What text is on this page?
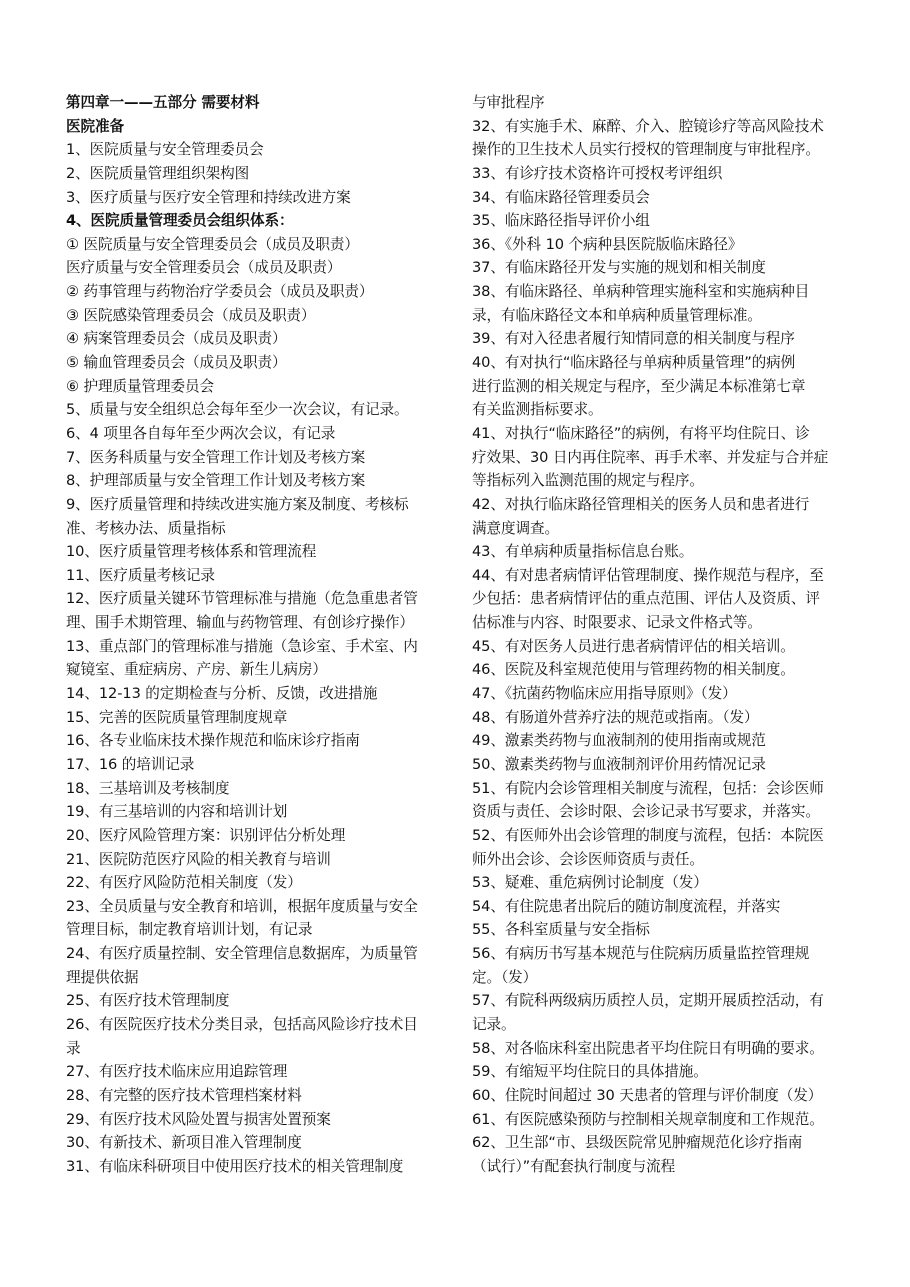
第四章一——五部分 需要材料
医院准备
1、医院质量与安全管理委员会
2、医院质量管理组织架构图
3、医疗质量与医疗安全管理和持续改进方案
4、医院质量管理委员会组织体系：
① 医院质量与安全管理委员会（成员及职责）
医疗质量与安全管理委员会（成员及职责）
② 药事管理与药物治疗学委员会（成员及职责）
③ 医院感染管理委员会（成员及职责）
④ 病案管理委员会（成员及职责）
⑤ 输血管理委员会（成员及职责）
⑥ 护理质量管理委员会
5、质量与安全组织总会每年至少一次会议，有记录。
6、4 项里各自每年至少两次会议，有记录
7、医务科质量与安全管理工作计划及考核方案
8、护理部质量与安全管理工作计划及考核方案
9、医疗质量管理和持续改进实施方案及制度、考核标
准、考核办法、质量指标
10、医疗质量管理考核体系和管理流程
11、医疗质量考核记录
12、医疗质量关键环节管理标准与措施（危急重患者管
理、围手术期管理、输血与药物管理、有创诊疗操作）
13、重点部门的管理标准与措施（急诊室、手术室、内
窥镜室、重症病房、产房、新生儿病房）
14、12-13 的定期检查与分析、反馈，改进措施
15、完善的医院质量管理制度规章
16、各专业临床技术操作规范和临床诊疗指南
17、16 的培训记录
18、三基培训及考核制度
19、有三基培训的内容和培训计划
20、医疗风险管理方案：识别评估分析处理
21、医院防范医疗风险的相关教育与培训
22、有医疗风险防范相关制度（发）
23、全员质量与安全教育和培训，根据年度质量与安全
管理目标，制定教育培训计划，有记录
24、有医疗质量控制、安全管理信息数据库，为质量管
理提供依据
25、有医疗技术管理制度
26、有医院医疗技术分类目录，包括高风险诊疗技术目
录
27、有医疗技术临床应用追踪管理
28、有完整的医疗技术管理档案材料
29、有医疗技术风险处置与损害处置预案
30、有新技术、新项目准入管理制度
31、有临床科研项目中使用医疗技术的相关管理制度
与审批程序
32、有实施手术、麻醉、介入、腔镜诊疗等高风险技术
操作的卫生技术人员实行授权的管理制度与审批程序。
33、有诊疗技术资格许可授权考评组织
34、有临床路径管理委员会
35、临床路径指导评价小组
36、《外科 10 个病种县医院版临床路径》
37、有临床路径开发与实施的规划和相关制度
38、有临床路径、单病种管理实施科室和实施病种目
录，有临床路径文本和单病种质量管理标准。
39、有对入径患者履行知情同意的相关制度与程序
40、有对执行“临床路径与单病种质量管理”的病例
进行监测的相关规定与程序，至少满足本标准第七章
有关监测指标要求。
41、对执行“临床路径”的病例，有将平均住院日、诊
疗效果、30 日内再住院率、再手术率、并发症与合并症
等指标列入监测范围的规定与程序。
42、对执行临床路径管理相关的医务人员和患者进行
满意度调查。
43、有单病种质量指标信息台账。
44、有对患者病情评估管理制度、操作规范与程序，至
少包括：患者病情评估的重点范围、评估人及资质、评
估标准与内容、时限要求、记录文件格式等。
45、有对医务人员进行患者病情评估的相关培训。
46、医院及科室规范使用与管理药物的相关制度。
47、《抗菌药物临床应用指导原则》（发）
48、有肠道外营养疗法的规范或指南。（发）
49、激素类药物与血液制剂的使用指南或规范
50、激素类药物与血液制剂评价用药情况记录
51、有院内会诊管理相关制度与流程，包括：会诊医师
资质与责任、会诊时限、会诊记录书写要求，并落实。
52、有医师外出会诊管理的制度与流程，包括：本院医
师外出会诊、会诊医师资质与责任。
53、疑难、重危病例讨论制度（发）
54、有住院患者出院后的随访制度流程，并落实
55、各科室质量与安全指标
56、有病历书写基本规范与住院病历质量监控管理规
定。（发）
57、有院科两级病历质控人员，定期开展质控活动，有
记录。
58、对各临床科室出院患者平均住院日有明确的要求。
59、有缩短平均住院日的具体措施。
60、住院时间超过 30 天患者的管理与评价制度（发）
61、有医院感染预防与控制相关规章制度和工作规范。
62、卫生部“市、县级医院常见肿瘤规范化诊疗指南
（试行）”有配套执行制度与流程
